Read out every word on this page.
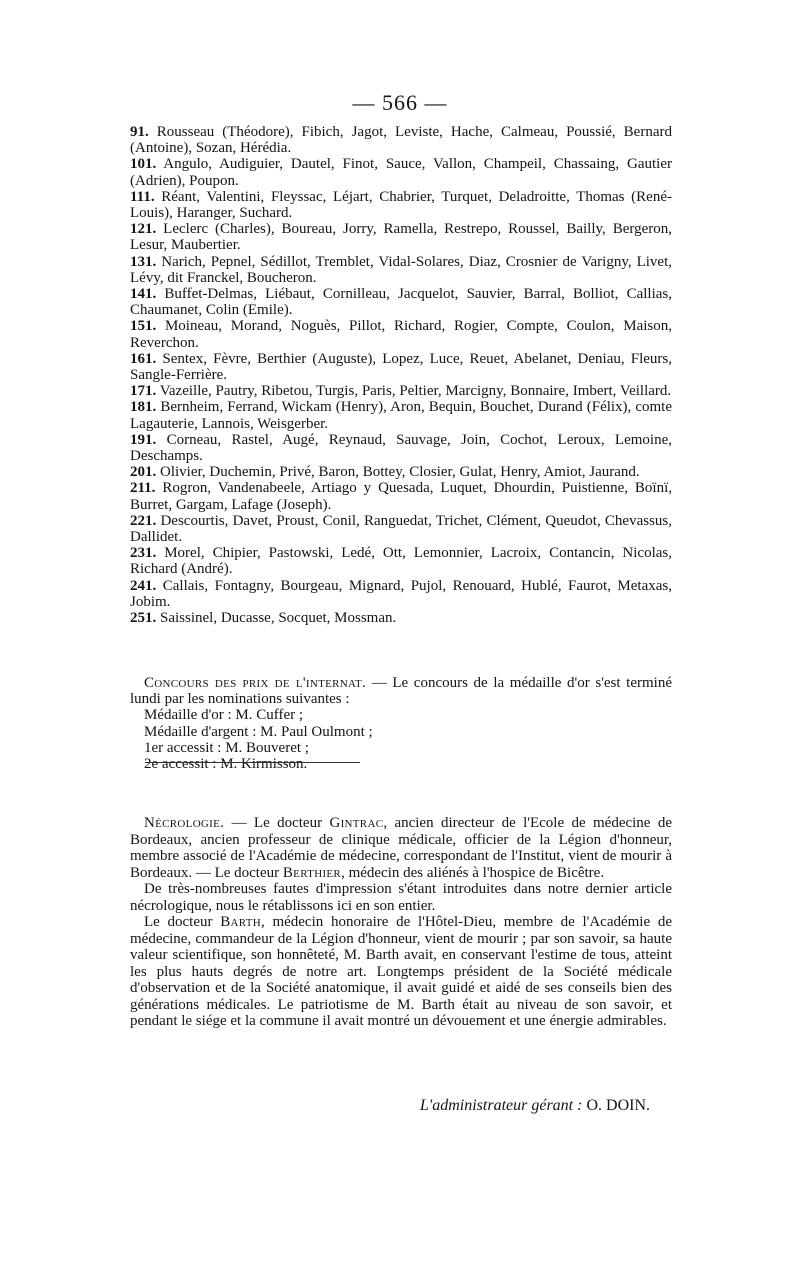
— 566 —

91. Rousseau (Théodore), Fibich, Jagot, Leviste, Hache, Calmeau, Poussié, Bernard (Antoine), Sozan, Hérédia.

101. Angulo, Audiguier, Dautel, Finot, Sauce, Vallon, Champeil, Chassaing, Gautier (Adrien), Poupon.

111. Réant, Valentini, Fleyssac, Léjart, Chabrier, Turquet, Deladroitte, Thomas (René-Louis), Haranger, Suchard.

121. Leclerc (Charles), Boureau, Jorry, Ramella, Restrepo, Roussel, Bailly, Bergeron, Lesur, Maubertier.

131. Narich, Pepnel, Sédillot, Tremblet, Vidal-Solares, Diaz, Crosnier de Varigny, Livet, Lévy, dit Franckel, Boucheron.

141. Buffet-Delmas, Liébaut, Cornilleau, Jacquelot, Sauvier, Barral, Bolliot, Callias, Chaumanet, Colin (Emile).

151. Moineau, Morand, Noguès, Pillot, Richard, Rogier, Compte, Coulon, Maison, Reverchon.

161. Sentex, Fèvre, Berthier (Auguste), Lopez, Luce, Reuet, Abelanet, Deniau, Fleurs, Sangle-Ferrière.

171. Vazeille, Pautry, Ribetou, Turgis, Paris, Peltier, Marcigny, Bonnaire, Imbert, Veillard.

181. Bernheim, Ferrand, Wickam (Henry), Aron, Bequin, Bouchet, Durand (Félix), comte Lagauterie, Lannois, Weisgerber.

191. Corneau, Rastel, Augé, Reynaud, Sauvage, Join, Cochot, Leroux, Lemoine, Deschamps.

201. Olivier, Duchemin, Privé, Baron, Bottey, Closier, Gulat, Henry, Amiot, Jaurand.

211. Rogron, Vandenabeele, Artiago y Quesada, Luquet, Dhourdin, Puistienne, Boïnï, Burret, Gargam, Lafage (Joseph).

221. Descourtis, Davet, Proust, Conil, Ranguedat, Trichet, Clément, Queudot, Chevassus, Dallidet.

231. Morel, Chipier, Pastowski, Ledé, Ott, Lemonnier, Lacroix, Contancin, Nicolas, Richard (André).

241. Callais, Fontagny, Bourgeau, Mignard, Pujol, Renouard, Hublé, Faurot, Metaxas, Jobim.

251. Saissinel, Ducasse, Socquet, Mossman.

Concours des prix de l'internat. — Le concours de la médaille d'or s'est terminé lundi par les nominations suivantes :

Médaille d'or : M. Cuffer ;

Médaille d'argent : M. Paul Oulmont ;

1er accessit : M. Bouveret ;

2e accessit : M. Kirmisson.

Nécrologie. — Le docteur Gintrac, ancien directeur de l'Ecole de médecine de Bordeaux, ancien professeur de clinique médicale, officier de la Légion d'honneur, membre associé de l'Académie de médecine, correspondant de l'Institut, vient de mourir à Bordeaux. — Le docteur Berthier, médecin des aliénés à l'hospice de Bicêtre.

De très-nombreuses fautes d'impression s'étant introduites dans notre dernier article nécrologique, nous le rétablissons ici en son entier.

Le docteur Barth, médecin honoraire de l'Hôtel-Dieu, membre de l'Académie de médecine, commandeur de la Légion d'honneur, vient de mourir ; par son savoir, sa haute valeur scientifique, son honnêteté, M. Barth avait, en conservant l'estime de tous, atteint les plus hauts degrés de notre art. Longtemps président de la Société médicale d'observation et de la Société anatomique, il avait guidé et aidé de ses conseils bien des générations médicales. Le patriotisme de M. Barth était au niveau de son savoir, et pendant le siége et la commune il avait montré un dévouement et une énergie admirables.

L'administrateur gérant : O. DOIN.
